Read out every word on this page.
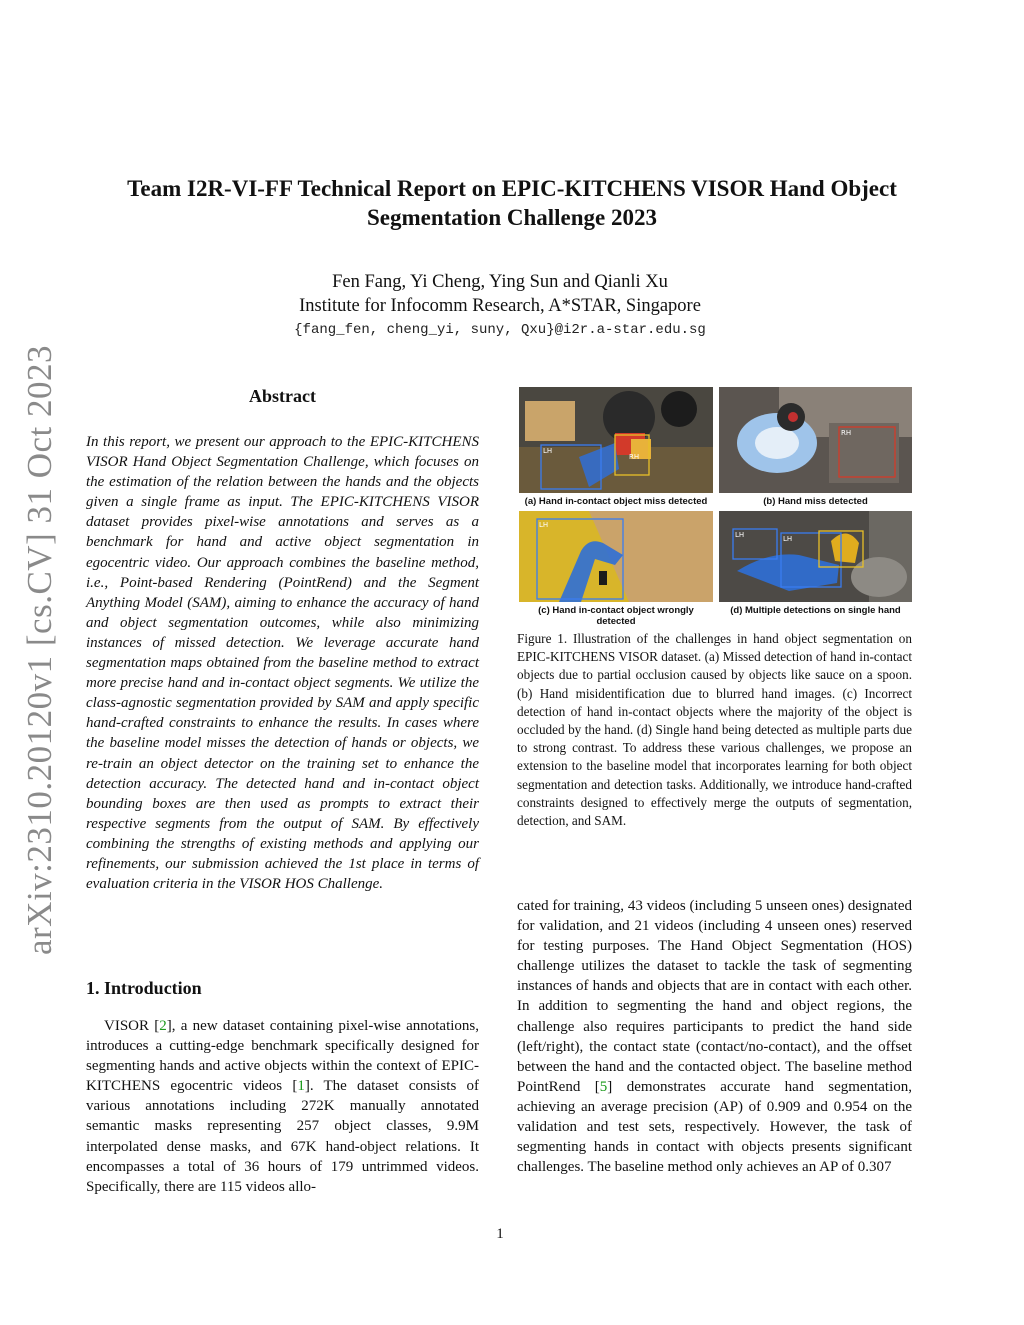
arXiv:2310.20120v1 [cs.CV] 31 Oct 2023
Team I2R-VI-FF Technical Report on EPIC-KITCHENS VISOR Hand Object Segmentation Challenge 2023
Fen Fang, Yi Cheng, Ying Sun and Qianli Xu
Institute for Infocomm Research, A*STAR, Singapore
{fang_fen, cheng_yi, suny, Qxu}@i2r.a-star.edu.sg
Abstract
In this report, we present our approach to the EPIC-KITCHENS VISOR Hand Object Segmentation Challenge, which focuses on the estimation of the relation between the hands and the objects given a single frame as input. The EPIC-KITCHENS VISOR dataset provides pixel-wise annotations and serves as a benchmark for hand and active object segmentation in egocentric video. Our approach combines the baseline method, i.e., Point-based Rendering (PointRend) and the Segment Anything Model (SAM), aiming to enhance the accuracy of hand and object segmentation outcomes, while also minimizing instances of missed detection. We leverage accurate hand segmentation maps obtained from the baseline method to extract more precise hand and in-contact object segments. We utilize the class-agnostic segmentation provided by SAM and apply specific hand-crafted constraints to enhance the results. In cases where the baseline model misses the detection of hands or objects, we re-train an object detector on the training set to enhance the detection accuracy. The detected hand and in-contact object bounding boxes are then used as prompts to extract their respective segments from the output of SAM. By effectively combining the strengths of existing methods and applying our refinements, our submission achieved the 1st place in terms of evaluation criteria in the VISOR HOS Challenge.
1. Introduction

VISOR [2], a new dataset containing pixel-wise annotations, introduces a cutting-edge benchmark specifically designed for segmenting hands and active objects within the context of EPIC-KITCHENS egocentric videos [1]. The dataset consists of various annotations including 272K manually annotated semantic masks representing 257 object classes, 9.9M interpolated dense masks, and 67K hand-object relations. It encompasses a total of 36 hours of 179 untrimmed videos. Specifically, there are 115 videos allo-

LH
RH
(a) Hand in-contact object miss detected
RH
(b) Hand miss detected
LH
(c) Hand in-contact object wrongly detected
LH	LH
(d) Multiple detections on single hand
Figure 1. Illustration of the challenges in hand object segmentation on EPIC-KITCHENS VISOR dataset. (a) Missed detection of hand in-contact objects due to partial occlusion caused by objects like sauce on a spoon. (b) Hand misidentification due to blurred hand images. (c) Incorrect detection of hand in-contact objects where the majority of the object is occluded by the hand. (d) Single hand being detected as multiple parts due to strong contrast. To address these various challenges, we propose an extension to the baseline model that incorporates learning for both object segmentation and detection tasks. Additionally, we introduce hand-crafted constraints designed to effectively merge the outputs of segmentation, detection, and SAM.

cated for training, 43 videos (including 5 unseen ones) designated for validation, and 21 videos (including 4 unseen ones) reserved for testing purposes. The Hand Object Segmentation (HOS) challenge utilizes the dataset to tackle the task of segmenting instances of hands and objects that are in contact with each other. In addition to segmenting the hand and object regions, the challenge also requires participants to predict the hand side (left/right), the contact state (contact/no-contact), and the offset between the hand and the contacted object. The baseline method PointRend [5] demonstrates accurate hand segmentation, achieving an average precision (AP) of 0.909 and 0.954 on the validation and test sets, respectively. However, the task of segmenting hands in contact with objects presents significant challenges. The baseline method only achieves an AP of 0.307

1
